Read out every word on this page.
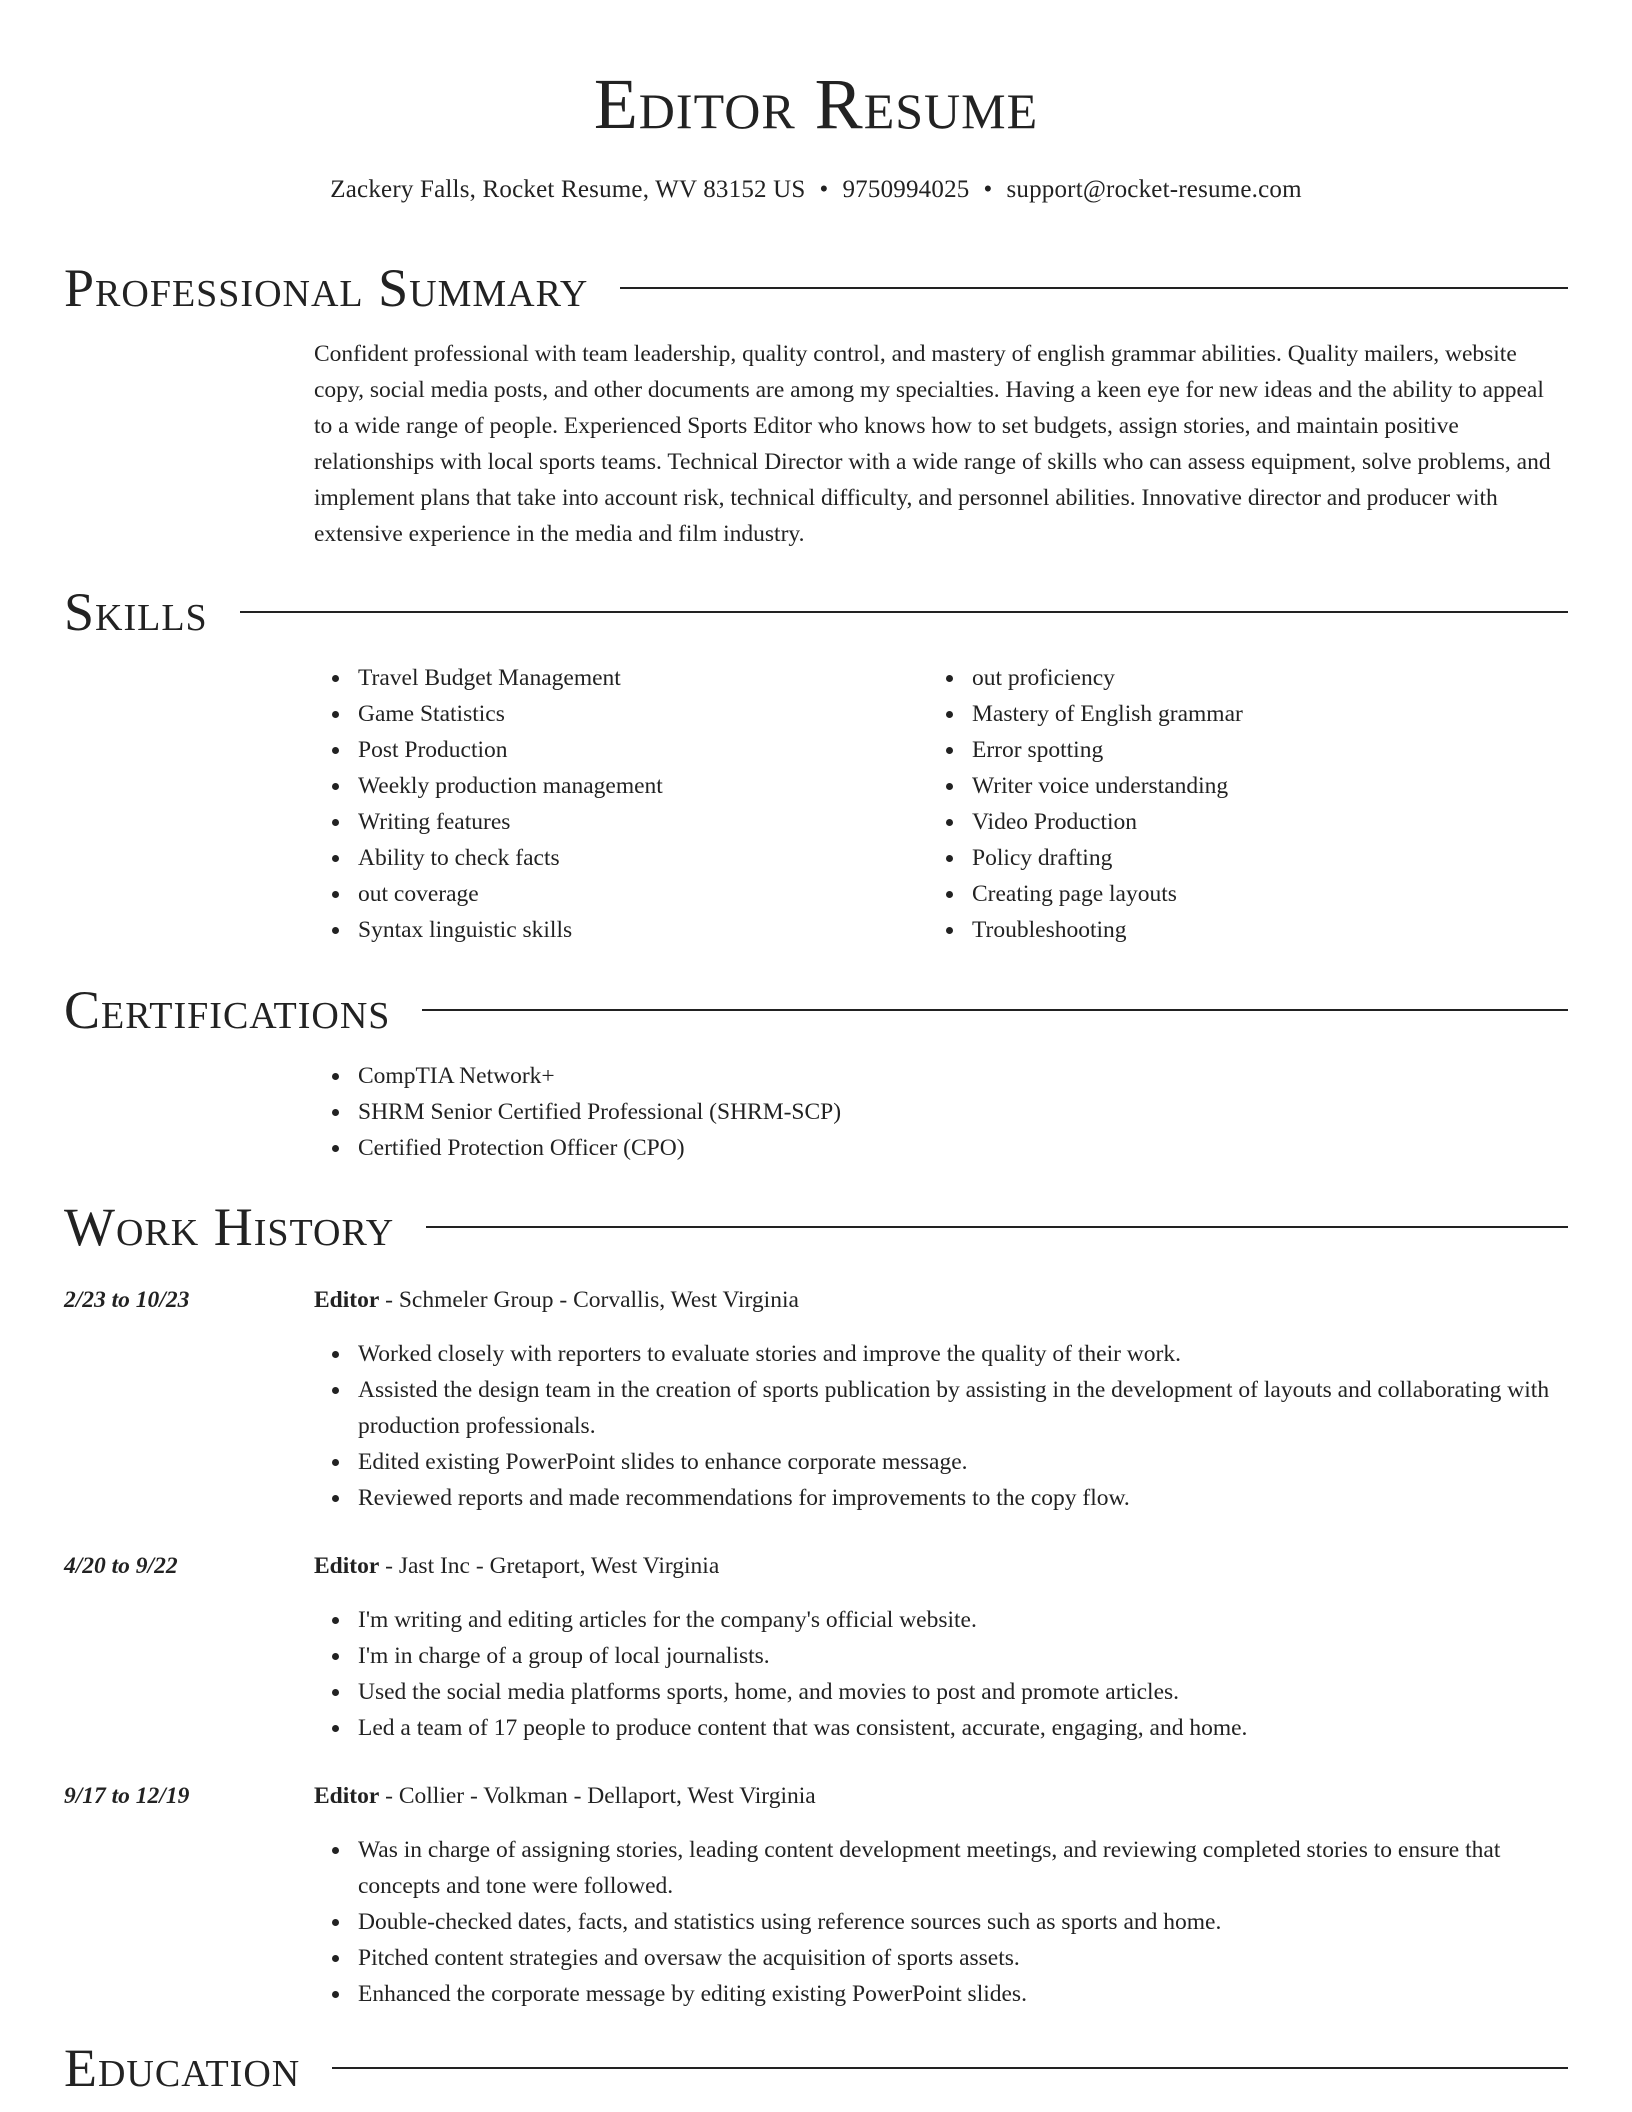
Editor Resume
Zackery Falls, Rocket Resume, WV 83152 US • 9750994025 • support@rocket-resume.com
Professional Summary

Confident professional with team leadership, quality control, and mastery of english grammar abilities. Quality mailers, website copy, social media posts, and other documents are among my specialties. Having a keen eye for new ideas and the ability to appeal to a wide range of people. Experienced Sports Editor who knows how to set budgets, assign stories, and maintain positive relationships with local sports teams. Technical Director with a wide range of skills who can assess equipment, solve problems, and implement plans that take into account risk, technical difficulty, and personnel abilities. Innovative director and producer with extensive experience in the media and film industry.

Skills
Travel Budget Management
Game Statistics
Post Production
Weekly production management
Writing features
Ability to check facts
out coverage
Syntax linguistic skills
out proficiency
Mastery of English grammar
Error spotting
Writer voice understanding
Video Production
Policy drafting
Creating page layouts
Troubleshooting
Certifications
CompTIA Network+
SHRM Senior Certified Professional (SHRM-SCP)
Certified Protection Officer (CPO)
Work History
2/23 to 10/23	Editor - Schmeler Group - Corvallis, West Virginia
Worked closely with reporters to evaluate stories and improve the quality of their work.
Assisted the design team in the creation of sports publication by assisting in the development of layouts and collaborating with production professionals.
Edited existing PowerPoint slides to enhance corporate message.
Reviewed reports and made recommendations for improvements to the copy flow.
4/20 to 9/22	Editor - Jast Inc - Gretaport, West Virginia
I'm writing and editing articles for the company's official website.
I'm in charge of a group of local journalists.
Used the social media platforms sports, home, and movies to post and promote articles.
Led a team of 17 people to produce content that was consistent, accurate, engaging, and home.
9/17 to 12/19	Editor - Collier - Volkman - Dellaport, West Virginia
Was in charge of assigning stories, leading content development meetings, and reviewing completed stories to ensure that concepts and tone were followed.
Double-checked dates, facts, and statistics using reference sources such as sports and home.
Pitched content strategies and oversaw the acquisition of sports assets.
Enhanced the corporate message by editing existing PowerPoint slides.
Education
